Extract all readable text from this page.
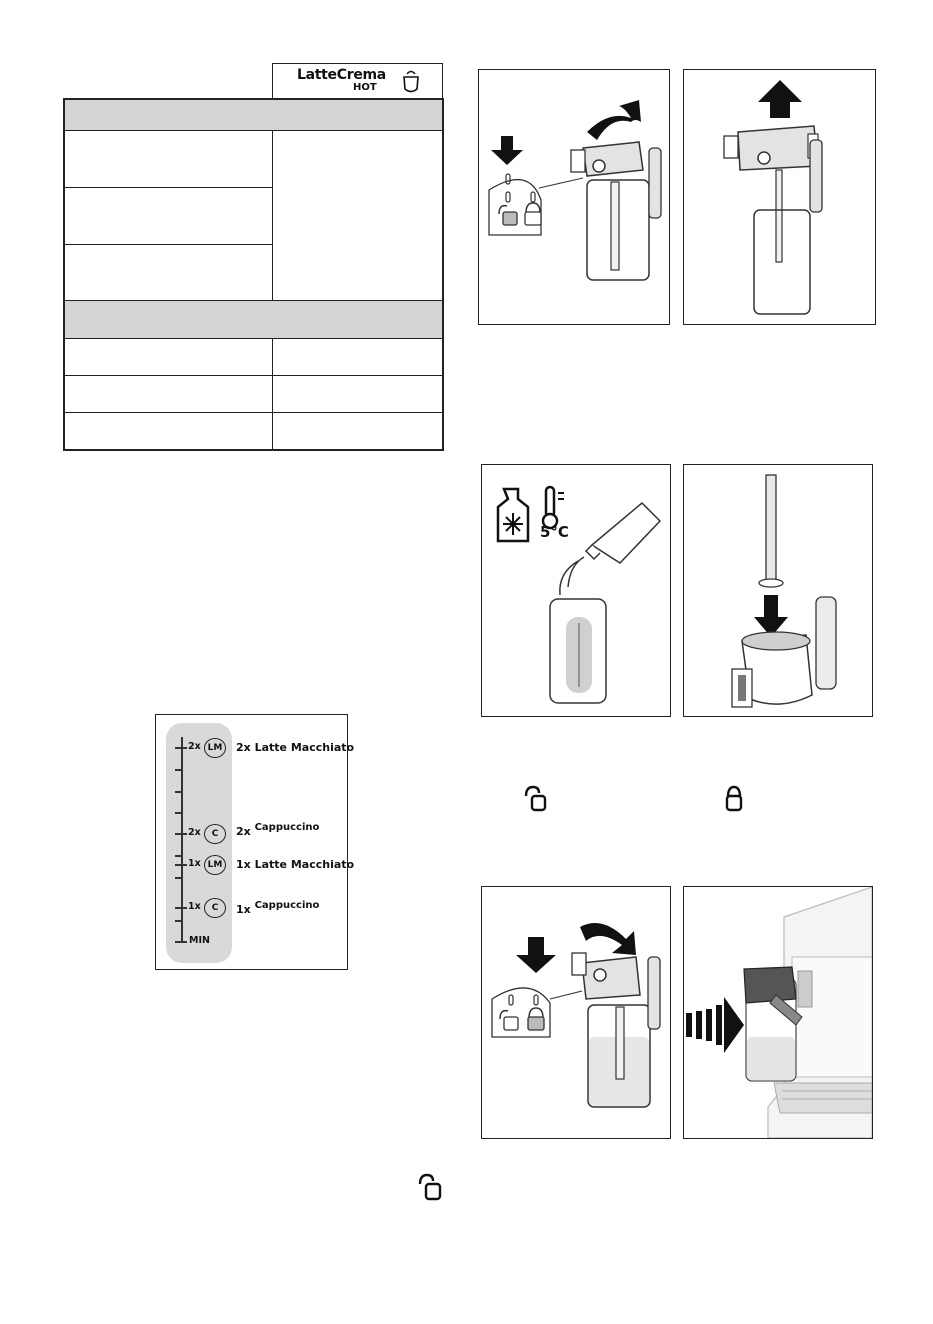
LatteCrema
HOT
2x LM	2x Latte Macchiato
2x	C	2x Cappuccino
1x LM	1x Latte Macchiato
1x	C	1x Cappuccino
MIN
5°C
